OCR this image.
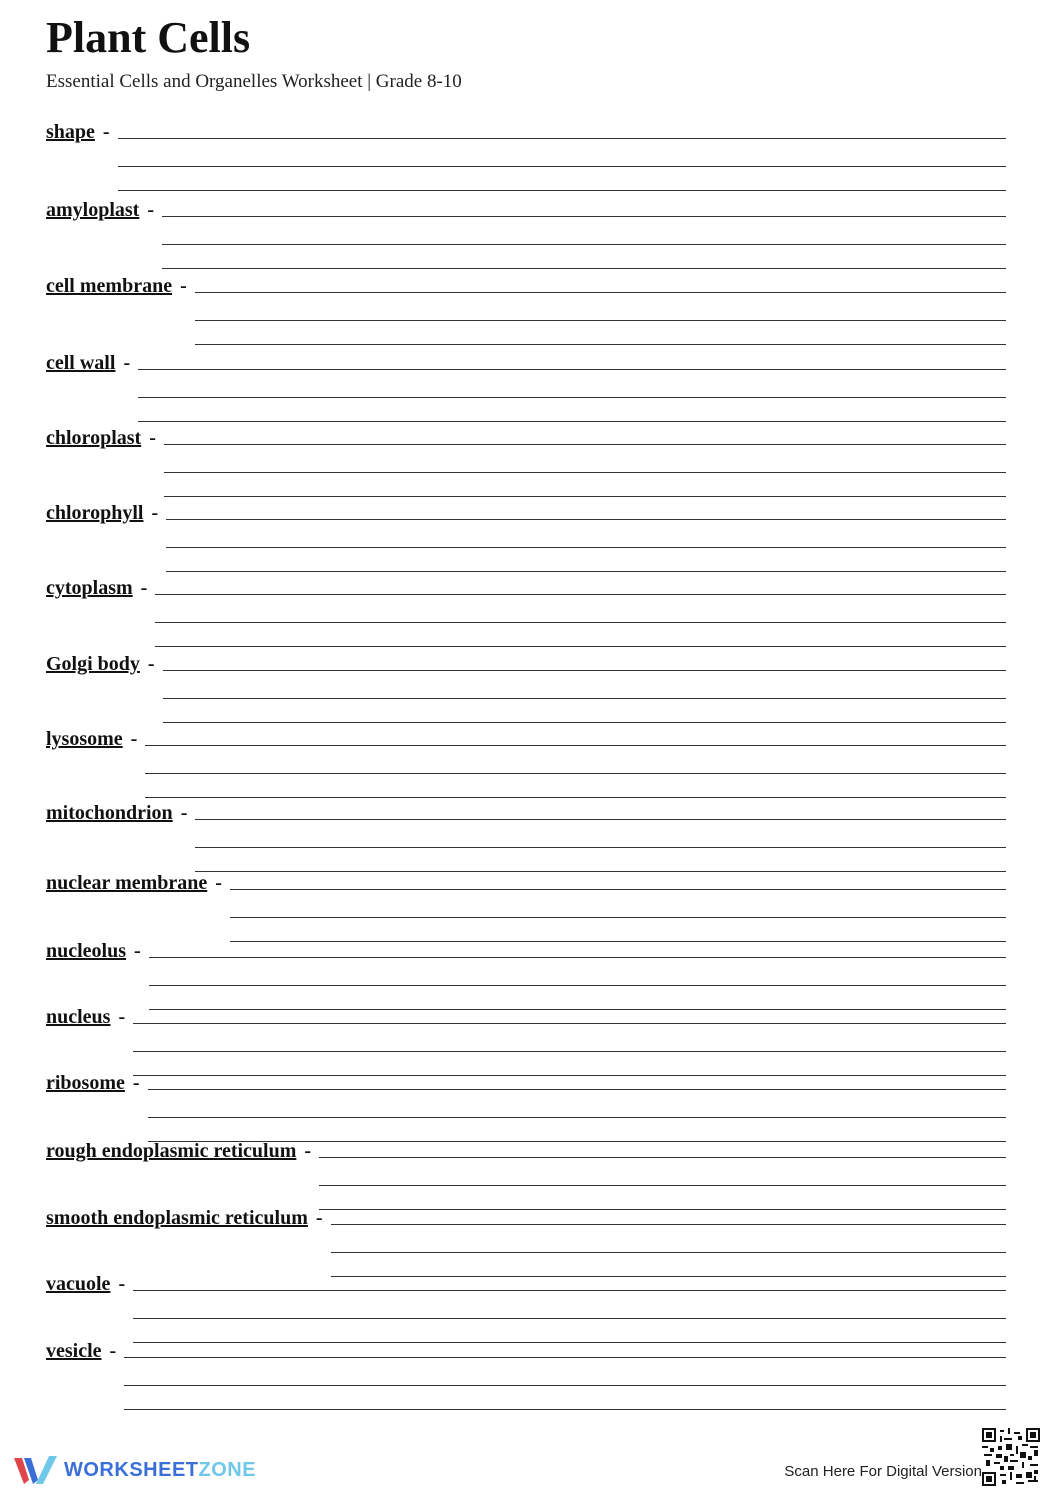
Plant Cells
Essential Cells and Organelles Worksheet | Grade 8-10
shape -
amyloplast -
cell membrane -
cell wall -
chloroplast -
chlorophyll -
cytoplasm -
Golgi body -
lysosome -
mitochondrion -
nuclear membrane -
nucleolus -
nucleus -
ribosome -
rough endoplasmic reticulum -
smooth endoplasmic reticulum -
vacuole -
vesicle -
WORKSHEETZONE	Scan Here For Digital Version
